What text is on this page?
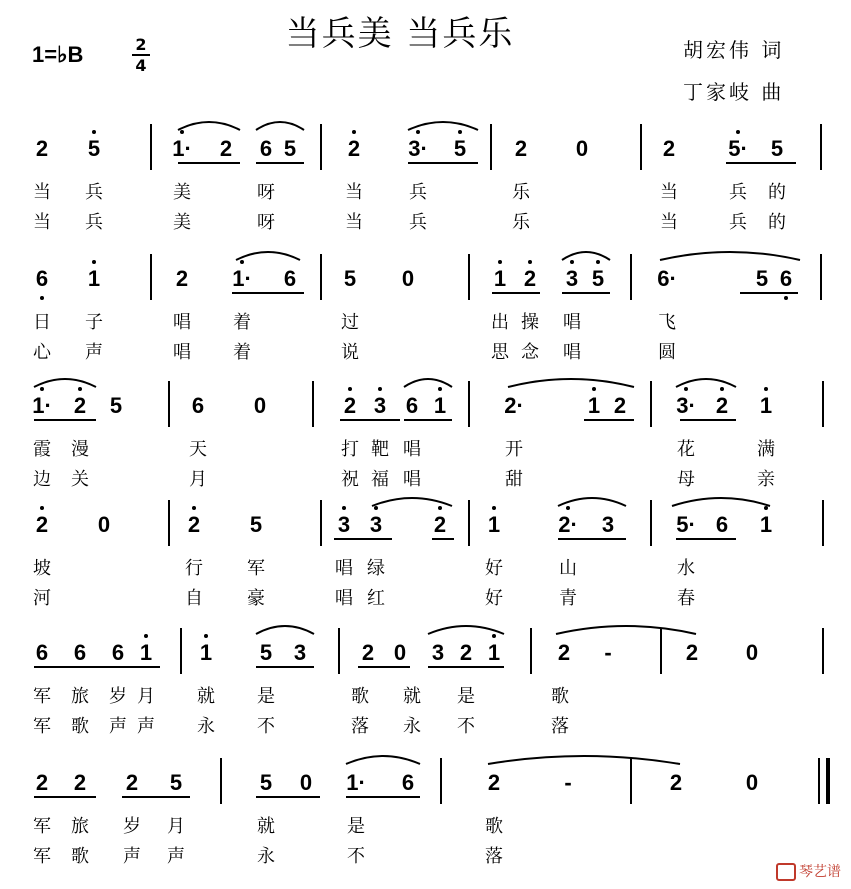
当兵美 当兵乐
1=♭B	2
4
胡宏伟 词
丁家岐 曲
2 5	1· 2 6 5 2 3· 5 2 0	2 5· 5
当 兵	美	呀	当	兵	乐	当	兵 的
当 兵	美	呀	当	兵	乐	当	兵 的
6 1	2 1· 6 5 0	1 2 3 5 6·	5 6
日 子	唱 着	过	出 操 唱	飞
心 声	唱 着	说	思 念 唱	圆
1· 2 5	6 0	2 3 6 1	2·	1 2 3· 2 1
霞 漫	天	打 靶 唱	开	花	满
边 关	月	祝 福 唱	甜	母	亲
2 0	2 5	3 3 2 1	2· 3	5· 6 1
坡	行 军	唱 绿	好	山	水
河	自 豪	唱 红	好	青	春
6 6 6 1 1 5 3	2 0 3 2 1	2	-	2 0
军 旅 岁 月 就 是	歌 就 是	歌
军 歌 声 声 永 不	落 永 不	落
2 2 2 5	5 0 1· 6	2	-	2	0
军 旅 岁 月	就	是	歌
军 歌 声 声	永	不	落
琴艺谱
